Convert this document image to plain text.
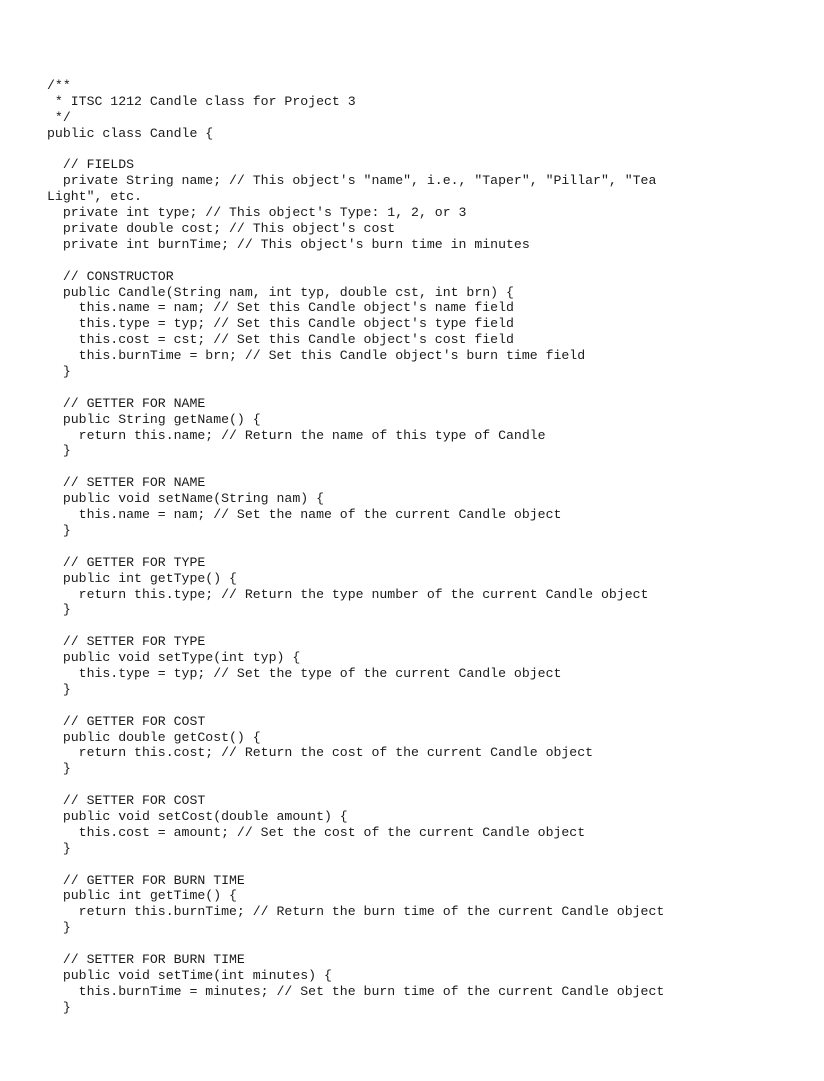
/**
* ITSC 1212 Candle class for Project 3
*/
public class Candle {
// FIELDS
private String name; // This object's "name", i.e., "Taper", "Pillar", "Tea
Light", etc.
private int type; // This object's Type: 1, 2, or 3
private double cost; // This object's cost
private int burnTime; // This object's burn time in minutes
// CONSTRUCTOR
public Candle(String nam, int typ, double cst, int brn) {
this.name = nam; // Set this Candle object's name field
this.type = typ; // Set this Candle object's type field
this.cost = cst; // Set this Candle object's cost field
this.burnTime = brn; // Set this Candle object's burn time field
}
// GETTER FOR NAME
public String getName() {
return this.name; // Return the name of this type of Candle
}
// SETTER FOR NAME
public void setName(String nam) {
this.name = nam; // Set the name of the current Candle object
}
// GETTER FOR TYPE
public int getType() {
return this.type; // Return the type number of the current Candle object
}
// SETTER FOR TYPE
public void setType(int typ) {
this.type = typ; // Set the type of the current Candle object
}
// GETTER FOR COST
public double getCost() {
return this.cost; // Return the cost of the current Candle object
}
// SETTER FOR COST
public void setCost(double amount) {
this.cost = amount; // Set the cost of the current Candle object
}
// GETTER FOR BURN TIME
public int getTime() {
return this.burnTime; // Return the burn time of the current Candle object
}
// SETTER FOR BURN TIME
public void setTime(int minutes) {
this.burnTime = minutes; // Set the burn time of the current Candle object
}
